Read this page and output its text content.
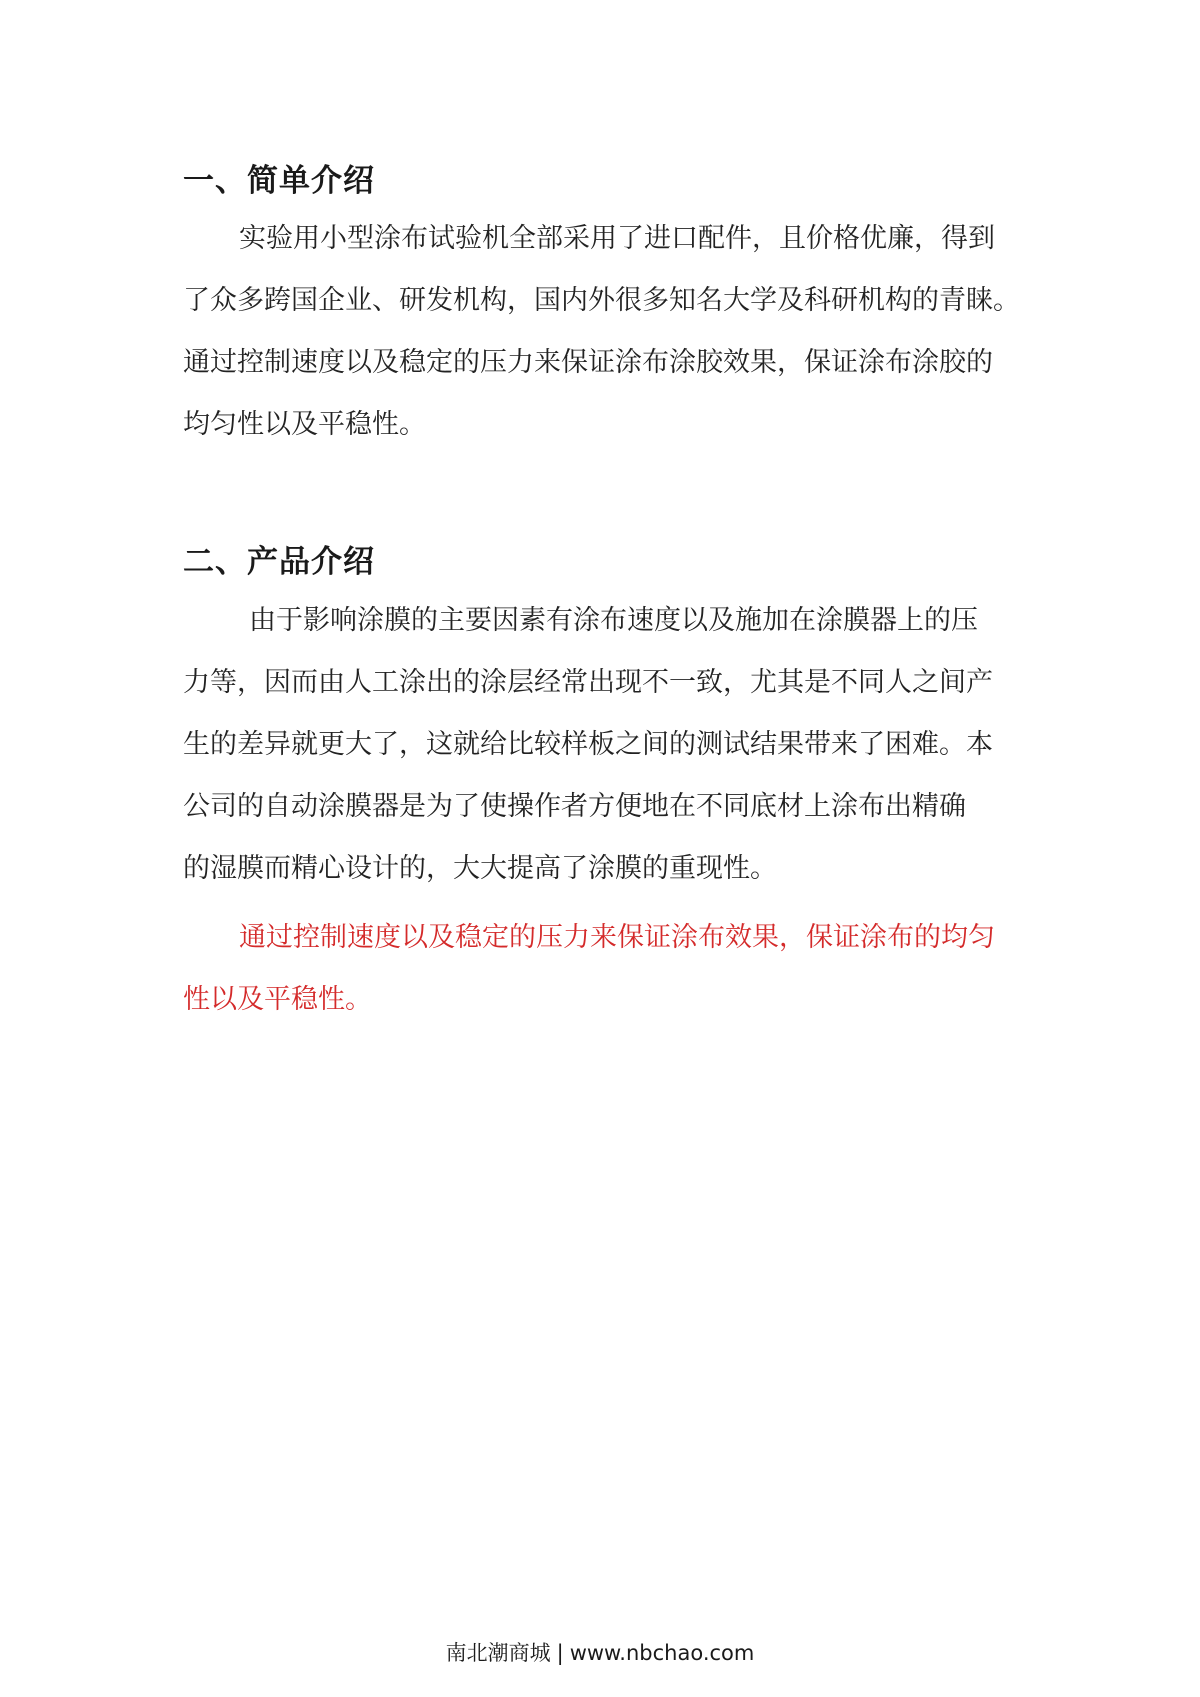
一、简单介绍
实验用小型涂布试验机全部采用了进口配件，且价格优廉，得到
了众多跨国企业、研发机构，国内外很多知名大学及科研机构的青睐。
通过控制速度以及稳定的压力来保证涂布涂胶效果，保证涂布涂胶的
均匀性以及平稳性。
二、产品介绍
由于影响涂膜的主要因素有涂布速度以及施加在涂膜器上的压
力等，因而由人工涂出的涂层经常出现不一致，尤其是不同人之间产
生的差异就更大了，这就给比较样板之间的测试结果带来了困难。本
公司的自动涂膜器是为了使操作者方便地在不同底材上涂布出精确
的湿膜而精心设计的，大大提高了涂膜的重现性。
通过控制速度以及稳定的压力来保证涂布效果，保证涂布的均匀
性以及平稳性。
南北潮商城 | www.nbchao.com
